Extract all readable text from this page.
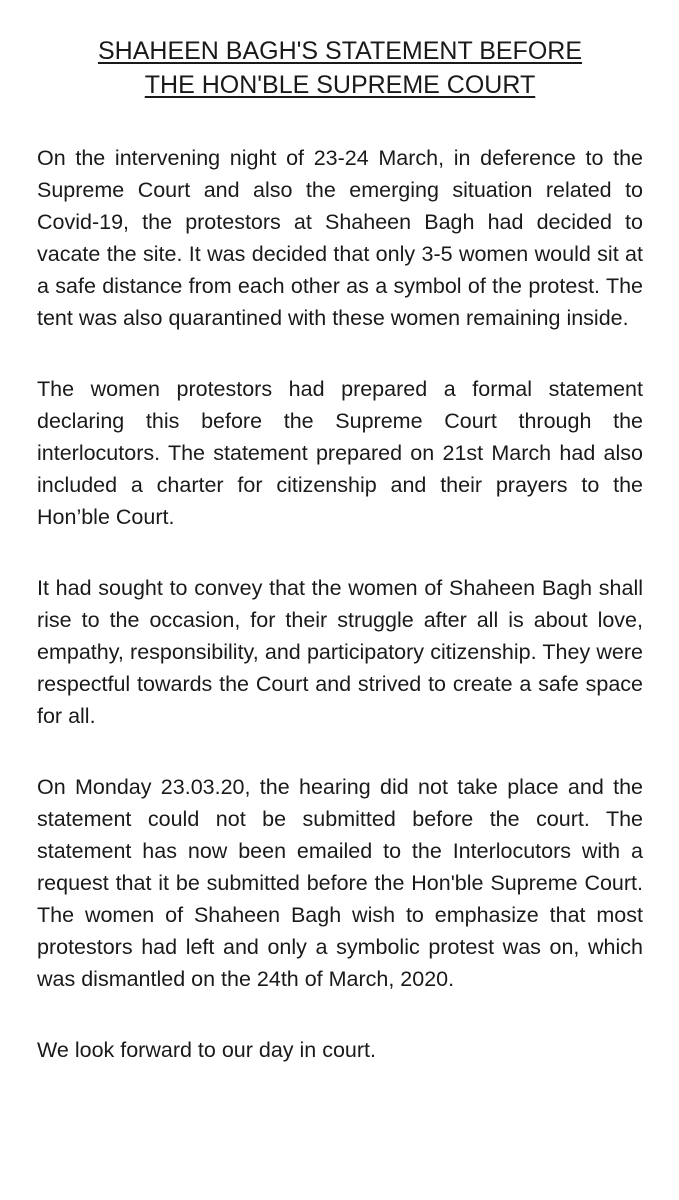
SHAHEEN BAGH'S STATEMENT BEFORE
THE HON'BLE SUPREME COURT

On the intervening night of 23-24 March, in deference to the Supreme Court and also the emerging situation related to Covid-19, the protestors at Shaheen Bagh had decided to vacate the site. It was decided that only 3-5 women would sit at a safe distance from each other as a symbol of the protest. The tent was also quarantined with these women remaining inside.

The women protestors had prepared a formal statement declaring this before the Supreme Court through the interlocutors. The statement prepared on 21st March had also included a charter for citizenship and their prayers to the Hon’ble Court.

It had sought to convey that the women of Shaheen Bagh shall rise to the occasion, for their struggle after all is about love, empathy, responsibility, and participatory citizenship. They were respectful towards the Court and strived to create a safe space for all.

On Monday 23.03.20, the hearing did not take place and the statement could not be submitted before the court. The statement has now been emailed to the Interlocutors with a request that it be submitted before the Hon'ble Supreme Court. The women of Shaheen Bagh wish to emphasize that most protestors had left and only a symbolic protest was on, which was dismantled on the 24th of March, 2020.

We look forward to our day in court.
